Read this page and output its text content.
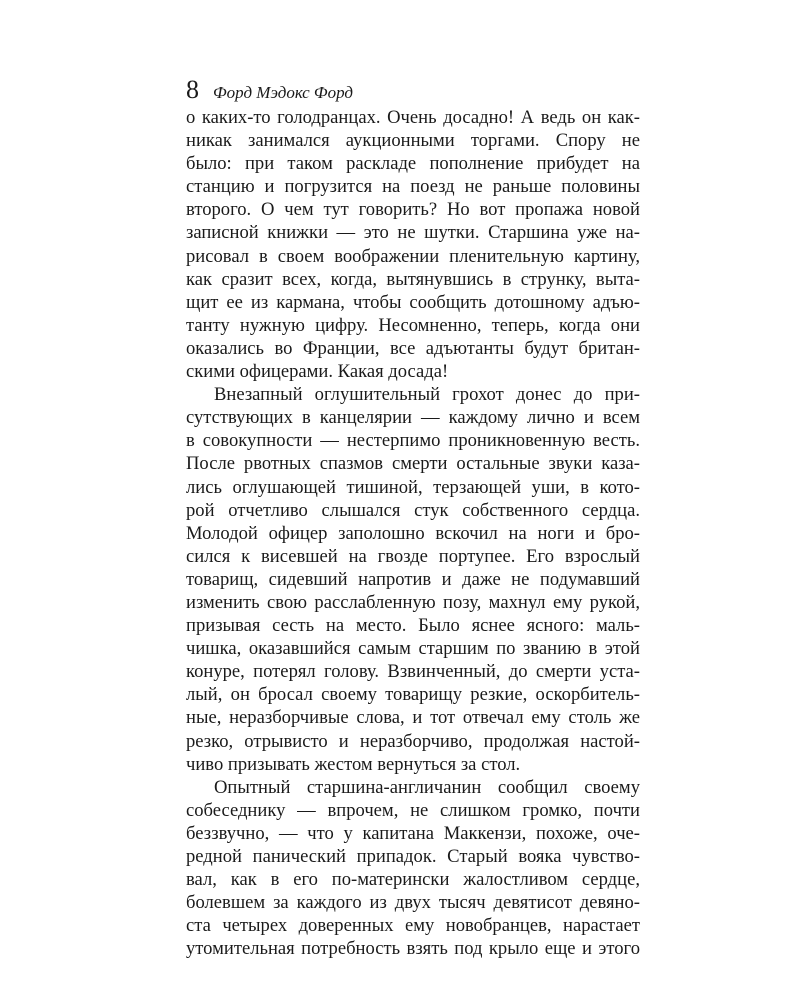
8 Форд Мэдокс Форд
о каких-то голодранцах. Очень досадно! А ведь он как-
никак занимался аукционными торгами. Спору не
было: при таком раскладе пополнение прибудет на
станцию и погрузится на поезд не раньше половины
второго. О чем тут говорить? Но вот пропажа новой
записной книжки — это не шутки. Старшина уже на-
рисовал в своем воображении пленительную картину,
как сразит всех, когда, вытянувшись в струнку, выта-
щит ее из кармана, чтобы сообщить дотошному адъю-
танту нужную цифру. Несомненно, теперь, когда они
оказались во Франции, все адъютанты будут британ-
скими офицерами. Какая досада!
Внезапный оглушительный грохот донес до при-
сутствующих в канцелярии — каждому лично и всем
в совокупности — нестерпимо проникновенную весть.
После рвотных спазмов смерти остальные звуки каза-
лись оглушающей тишиной, терзающей уши, в кото-
рой отчетливо слышался стук собственного сердца.
Молодой офицер заполошно вскочил на ноги и бро-
сился к висевшей на гвозде портупее. Его взрослый
товарищ, сидевший напротив и даже не подумавший
изменить свою расслабленную позу, махнул ему рукой,
призывая сесть на место. Было яснее ясного: маль-
чишка, оказавшийся самым старшим по званию в этой
конуре, потерял голову. Взвинченный, до смерти уста-
лый, он бросал своему товарищу резкие, оскорбитель-
ные, неразборчивые слова, и тот отвечал ему столь же
резко, отрывисто и неразборчиво, продолжая настой-
чиво призывать жестом вернуться за стол.
Опытный старшина-англичанин сообщил своему
собеседнику — впрочем, не слишком громко, почти
беззвучно, — что у капитана Маккензи, похоже, оче-
редной панический припадок. Старый вояка чувство-
вал, как в его по-матерински жалостливом сердце,
болевшем за каждого из двух тысяч девятисот девяно-
ста четырех доверенных ему новобранцев, нарастает
утомительная потребность взять под крыло еще и этого
